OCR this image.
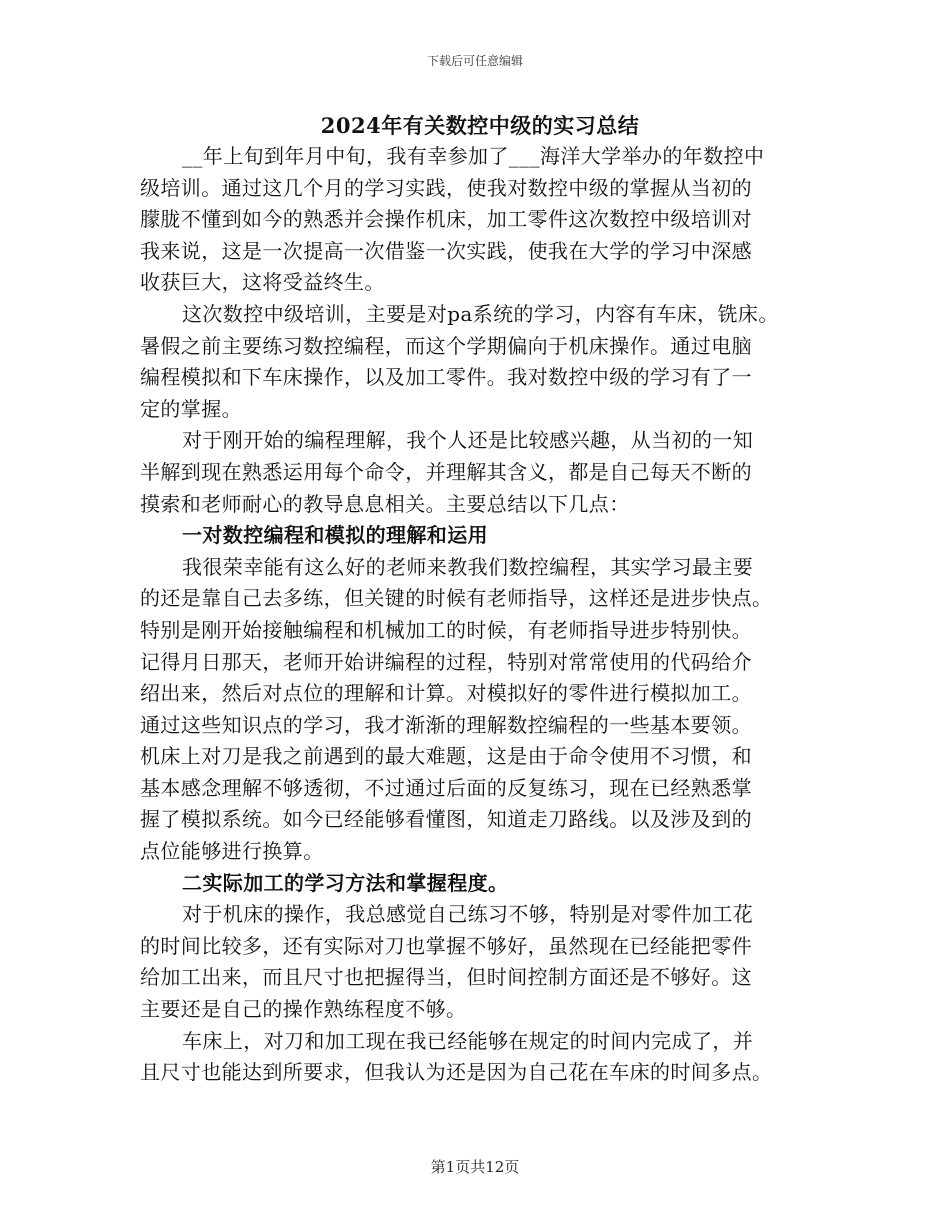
下载后可任意编辑
2024年有关数控中级的实习总结
__年上旬到年月中旬，我有幸参加了___海洋大学举办的年数控中
级培训。通过这几个月的学习实践，使我对数控中级的掌握从当初的
朦胧不懂到如今的熟悉并会操作机床，加工零件这次数控中级培训对
我来说，这是一次提高一次借鉴一次实践，使我在大学的学习中深感
收获巨大，这将受益终生。
这次数控中级培训，主要是对pa系统的学习，内容有车床，铣床。
暑假之前主要练习数控编程，而这个学期偏向于机床操作。通过电脑
编程模拟和下车床操作，以及加工零件。我对数控中级的学习有了一
定的掌握。
对于刚开始的编程理解，我个人还是比较感兴趣，从当初的一知
半解到现在熟悉运用每个命令，并理解其含义，都是自己每天不断的
摸索和老师耐心的教导息息相关。主要总结以下几点：
一对数控编程和模拟的理解和运用
我很荣幸能有这么好的老师来教我们数控编程，其实学习最主要
的还是靠自己去多练，但关键的时候有老师指导，这样还是进步快点。
特别是刚开始接触编程和机械加工的时候，有老师指导进步特别快。
记得月日那天，老师开始讲编程的过程，特别对常常使用的代码给介
绍出来，然后对点位的理解和计算。对模拟好的零件进行模拟加工。
通过这些知识点的学习，我才渐渐的理解数控编程的一些基本要领。
机床上对刀是我之前遇到的最大难题，这是由于命令使用不习惯，和
基本感念理解不够透彻，不过通过后面的反复练习，现在已经熟悉掌
握了模拟系统。如今已经能够看懂图，知道走刀路线。以及涉及到的
点位能够进行换算。
二实际加工的学习方法和掌握程度。
对于机床的操作，我总感觉自己练习不够，特别是对零件加工花
的时间比较多，还有实际对刀也掌握不够好，虽然现在已经能把零件
给加工出来，而且尺寸也把握得当，但时间控制方面还是不够好。这
主要还是自己的操作熟练程度不够。
车床上，对刀和加工现在我已经能够在规定的时间内完成了，并
且尺寸也能达到所要求，但我认为还是因为自己花在车床的时间多点。
第1页共12页
